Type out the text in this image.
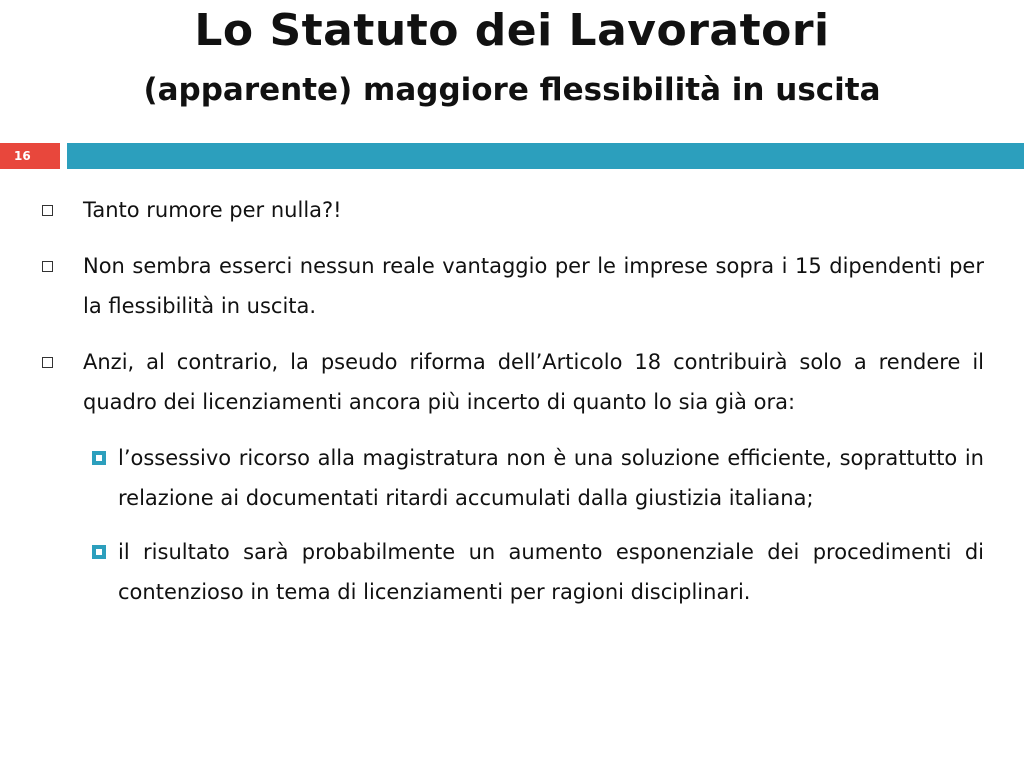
Lo Statuto dei Lavoratori
(apparente) maggiore flessibilità in uscita
16
Tanto rumore per nulla?!
Non sembra esserci nessun reale vantaggio per le imprese sopra i 15 dipendenti per la flessibilità in uscita.
Anzi, al contrario, la pseudo riforma dell’Articolo 18 contribuirà solo a rendere il quadro dei licenziamenti ancora più incerto di quanto lo sia già ora:
l’ossessivo ricorso alla magistratura non è una soluzione efficiente, soprattutto in relazione ai documentati ritardi accumulati dalla giustizia italiana;
il risultato sarà probabilmente un aumento esponenziale dei procedimenti di contenzioso in tema di licenziamenti per ragioni disciplinari.
